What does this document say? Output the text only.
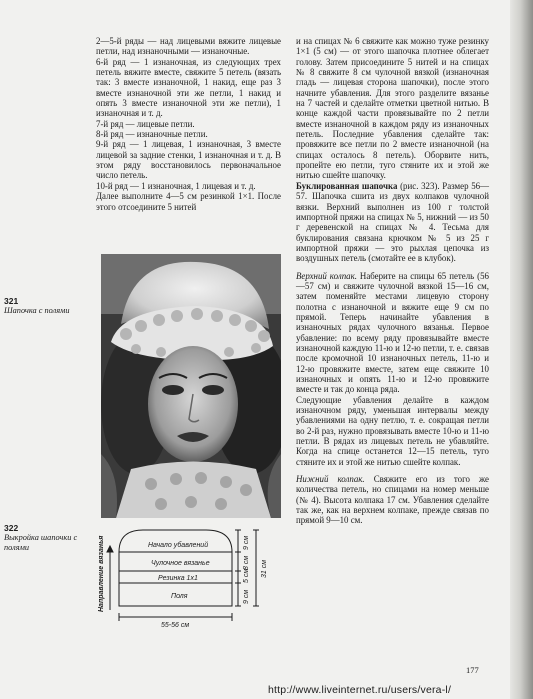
2—5-й ряды — над лицевыми вяжите лицевые петли, над изнаночными — изнаночные.

6-й ряд — 1 изнаночная, из следующих трех петель вяжите вместе, свяжите 5 петель (вязать так: 3 вместе изнаночной, 1 накид, еще раз 3 вместе изнаночной эти же петли, 1 накид и опять 3 вместе изнаночной эти же петли), 1 изнаночная и т. д.

7-й ряд — лицевые петли.

8-й ряд — изнаночные петли.

9-й ряд — 1 лицевая, 1 изнаночная, 3 вместе лицевой за задние стенки, 1 изнаночная и т. д. В этом ряду восстановилось первоначальное число петель.

10-й ряд — 1 изнаночная, 1 лицевая и т. д.

Далее выполните 4—5 см резинкой 1×1. После этого отсоедините 5 нитей

321
Шапочка с полями
322
Выкройка шапочки с полями	Начало убавлений
Чулочное вязанье
Резинка 1x1
Поля
55-56 см
9 см
8 см
5 см
9 см
31 см
Направление вязанья

и на спицах № 6 свяжите как можно туже резинку 1×1 (5 см) — от этого шапочка плотнее облегает голову. Затем присоедините 5 нитей и на спицах № 8 свяжите 8 см чулочной вязкой (изнаночная гладь — лицевая сторона шапочки), после этого начните убавления. Для этого разделите вязанье на 7 частей и сделайте отметки цветной нитью. В конце каждой части провязывайте по 2 петли вместе изнаночной в каждом ряду из изнаночных петель. Последние убавления сделайте так: провяжите все петли по 2 вместе изнаночной (на спицах осталось 8 петель). Оборвите нить, пропейте ею петли, туго стяните их и этой же нитью сшейте шапочку.

Буклированная шапочка (рис. 323). Размер 56—57. Шапочка сшита из двух колпаков чулочной вязки. Верхний выполнен из 100 г толстой импортной пряжи на спицах № 5, нижний — из 50 г деревенской на спицах № 4. Тесьма для буклирования связана крючком № 5 из 25 г импортной пряжи — это рыхлая цепочка из воздушных петель (смотайте ее в клубок).

Верхний колпак. Наберите на спицы 65 петель (56—57 см) и свяжите чулочной вязкой 15—16 см, затем поменяйте местами лицевую сторону полотна с изнаночной и вяжите еще 9 см по прямой. Теперь начинайте убавления в изнаночных рядах чулочного вязанья. Первое убавление: по всему ряду провязывайте вместе изнаночной каждую 11-ю и 12-ю петли, т. е. связав после кромочной 10 изнаночных петель, 11-ю и 12-ю провяжите вместе, затем еще свяжите 10 изнаночных и опять 11-ю и 12-ю провяжите вместе и так до конца ряда.

Следующие убавления делайте в каждом изнаночном ряду, уменьшая интервалы между убавлениями на одну петлю, т. е. сокращая петли во 2-й раз, нужно провязывать вместе 10-ю и 11-ю петли. В рядах из лицевых петель не убавляйте. Когда на спице останется 12—15 петель, туго стяните их и этой же нитью сшейте колпак.

Нижний колпак. Свяжите его из того же количества петель, но спицами на номер меньше (№ 4). Высота колпака 17 см. Убавления сделайте так же, как на верхнем колпаке, прежде связав по прямой 9—10 см.

177
http://www.liveinternet.ru/users/vera-l/
